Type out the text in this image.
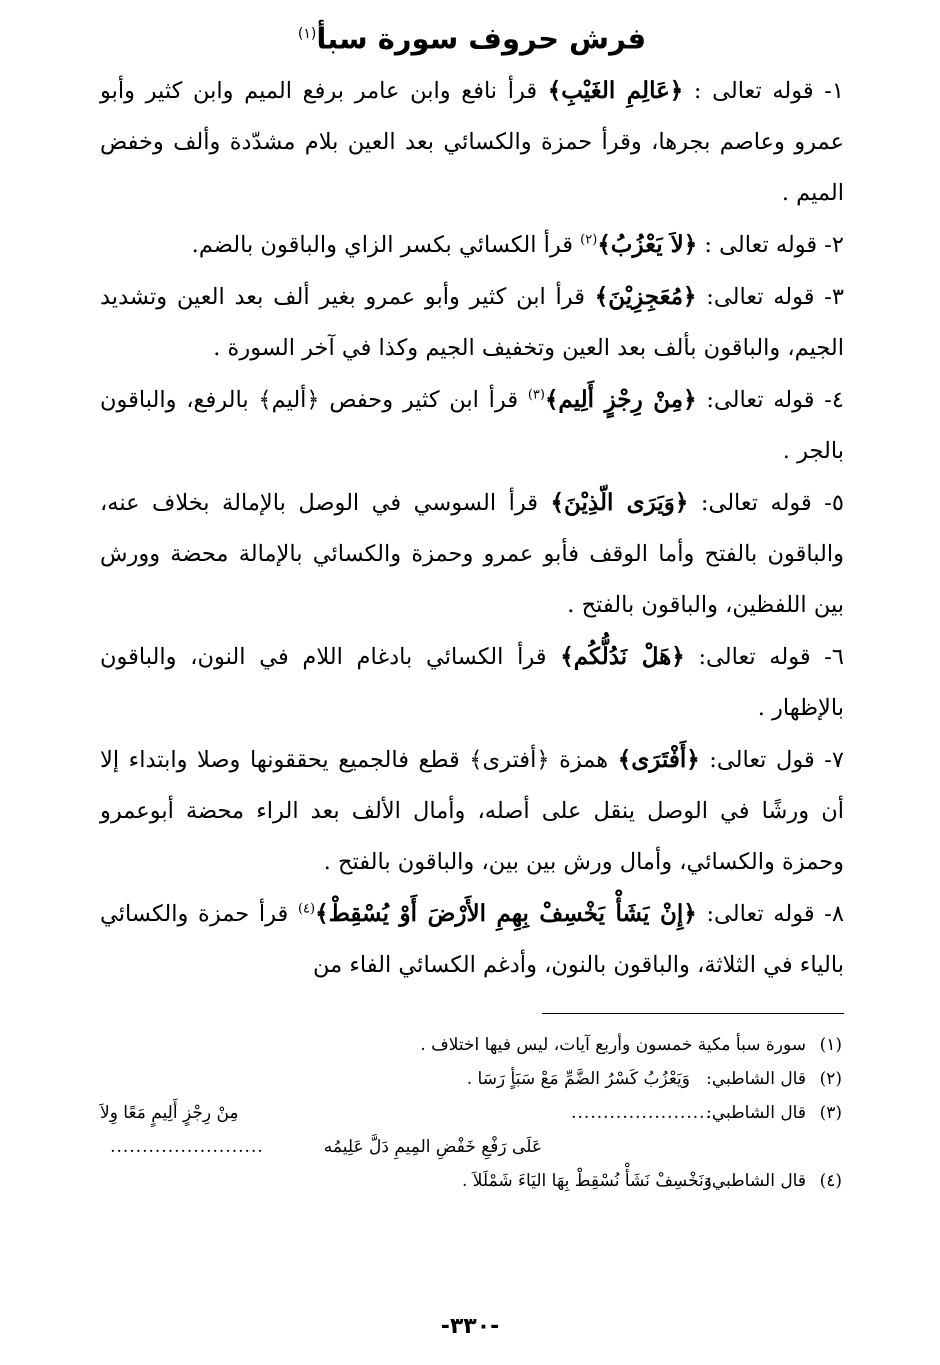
فرش حروف سورة سبأ$^{(١)}$

١- قوله تعالى : ﴿عَالِمِ الغَيْبِ﴾ قرأ نافع وابن عامر برفع الميم وابن كثير وأبو عمرو وعاصم بجرها، وقرأ حمزة والكسائي بعد العين بلام مشدّدة وألف وخفض الميم .

٢- قوله تعالى : ﴿لاَ يَعْزُبُ﴾$^{(٢)}$ قرأ الكسائي بكسر الزاي والباقون بالضم.

٣- قوله تعالى: ﴿مُعَجِزِيْنَ﴾ قرأ ابن كثير وأبو عمرو بغير ألف بعد العين وتشديد الجيم، والباقون بألف بعد العين وتخفيف الجيم وكذا في آخر السورة .

٤- قوله تعالى: ﴿مِنْ رِجْزٍ أَلِيم﴾$^{(٣)}$ قرأ ابن كثير وحفص ﴿أليم﴾ بالرفع، والباقون بالجر .

٥- قوله تعالى: ﴿وَيَرَى الّذِيْنَ﴾ قرأ السوسي في الوصل بالإمالة بخلاف عنه، والباقون بالفتح وأما الوقف فأبو عمرو وحمزة والكسائي بالإمالة محضة وورش بين اللفظين، والباقون بالفتح .

٦- قوله تعالى: ﴿هَلْ نَدُلُّكُم﴾ قرأ الكسائي بادغام اللام في النون، والباقون بالإظهار .

٧- قول تعالى: ﴿أَفْتَرَى﴾ همزة ﴿أفترى﴾ قطع فالجميع يحققونها وصلا وابتداء إلا أن ورشًا في الوصل ينقل على أصله، وأمال الألف بعد الراء محضة أبوعمرو وحمزة والكسائي، وأمال ورش بين بين، والباقون بالفتح .

٨- قوله تعالى: ﴿إِنْ يَشَأْ يَخْسِفْ بِهِمِ الأَرْضَ أَوْ يُسْقِطْ﴾$^{(٤)}$ قرأ حمزة والكسائي بالياء في الثلاثة، والباقون بالنون، وأدغم الكسائي الفاء من

(١)
سورة سبأ مكية خمسون وأربع آيات، ليس فيها اختلاف .
(٢)
قال الشاطبي:
وَيَعْزُبُ كَسْرُ الضَّمِّ مَعْ سَبَأٍ رَسَا .
(٣)
قال الشاطبي:
......................
مِنْ رِجْزٍ أَلِيمٍ مَعًا وِلاَ
عَلَى رَفْعِ خَفْضِ المِيمِ دَلَّ عَلِيمُه
........................
(٤)
قال الشاطبي:
وَنَخْسِفْ نَشَأْ نُسْقِطْ بِهَا اليَاءَ شَمْلَلاَ .
-٣٣٠-
